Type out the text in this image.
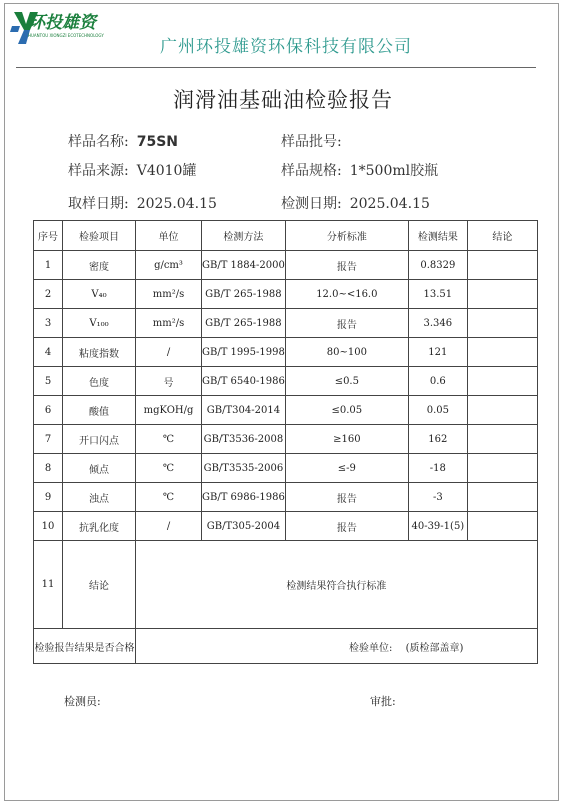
环投雄资
HUANTOU XIONGZI ECOTECHNOLOGY
广州环投雄资环保科技有限公司
润滑油基础油检验报告
样品名称: 75SN	样品批号:
样品来源: V4010罐	样品规格: 1*500ml胶瓶
取样日期: 2025.04.15	检测日期: 2025.04.15
序号	检验项目	单位	检测方法	分析标准	检测结果	结论
1	密度	g/cm³	GB/T 1884-2000	报告	0.8329	
2	V₄₀	mm²/s	GB/T 265-1988	12.0~<16.0	13.51	
3	V₁₀₀	mm²/s	GB/T 265-1988	报告	3.346	
4	粘度指数	/	GB/T 1995-1998	80~100	121	
5	色度	号	GB/T 6540-1986	≤0.5	0.6	
6	酸值	mgKOH/g	GB/T304-2014	≤0.05	0.05	
7	开口闪点	℃	GB/T3536-2008	≥160	162	
8	倾点	℃	GB/T3535-2006	≤-9	-18	
9	浊点	℃	GB/T 6986-1986	报告	-3	
10	抗乳化度	/	GB/T305-2004	报告	40-39-1(5)	
11	结论	检测结果符合执行标准				
检验报告结果是否合格		检验单位: (质检部盖章)				
检测员:	审批:
